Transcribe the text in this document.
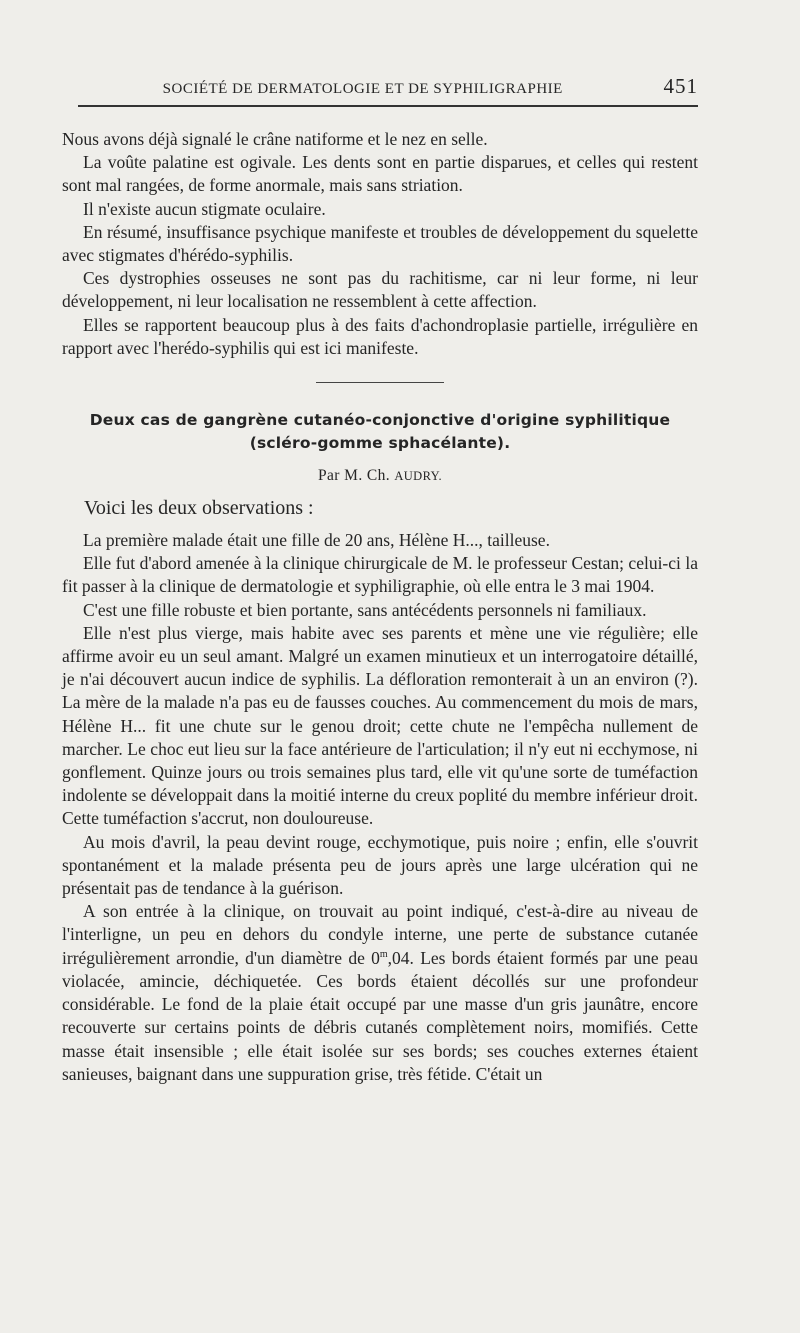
SOCIÉTÉ DE DERMATOLOGIE ET DE SYPHILIGRAPHIE	451

Nous avons déjà signalé le crâne natiforme et le nez en selle.

La voûte palatine est ogivale. Les dents sont en partie disparues, et celles qui restent sont mal rangées, de forme anormale, mais sans striation.

Il n'existe aucun stigmate oculaire.

En résumé, insuffisance psychique manifeste et troubles de développement du squelette avec stigmates d'hérédo-syphilis.

Ces dystrophies osseuses ne sont pas du rachitisme, car ni leur forme, ni leur développement, ni leur localisation ne ressemblent à cette affection.

Elles se rapportent beaucoup plus à des faits d'achondroplasie partielle, irrégulière en rapport avec l'herédo-syphilis qui est ici manifeste.

Deux cas de gangrène cutanéo-conjonctive d'origine syphilitique

(scléro-gomme sphacélante).

Par M. Ch. AUDRY.

Voici les deux observations :

La première malade était une fille de 20 ans, Hélène H..., tailleuse.

Elle fut d'abord amenée à la clinique chirurgicale de M. le professeur Cestan; celui-ci la fit passer à la clinique de dermatologie et syphiligraphie, où elle entra le 3 mai 1904.

C'est une fille robuste et bien portante, sans antécédents personnels ni familiaux.

Elle n'est plus vierge, mais habite avec ses parents et mène une vie régulière; elle affirme avoir eu un seul amant. Malgré un examen minutieux et un interrogatoire détaillé, je n'ai découvert aucun indice de syphilis. La défloration remonterait à un an environ (?). La mère de la malade n'a pas eu de fausses couches. Au commencement du mois de mars, Hélène H... fit une chute sur le genou droit; cette chute ne l'empêcha nullement de marcher. Le choc eut lieu sur la face antérieure de l'articulation; il n'y eut ni ecchymose, ni gonflement. Quinze jours ou trois semaines plus tard, elle vit qu'une sorte de tuméfaction indolente se développait dans la moitié interne du creux poplité du membre inférieur droit. Cette tuméfaction s'accrut, non douloureuse.

Au mois d'avril, la peau devint rouge, ecchymotique, puis noire ; enfin, elle s'ouvrit spontanément et la malade présenta peu de jours après une large ulcération qui ne présentait pas de tendance à la guérison.

A son entrée à la clinique, on trouvait au point indiqué, c'est-à-dire au niveau de l'interligne, un peu en dehors du condyle interne, une perte de substance cutanée irrégulièrement arrondie, d'un diamètre de 0$^m$,04. Les bords étaient formés par une peau violacée, amincie, déchiquetée. Ces bords étaient décollés sur une profondeur considérable. Le fond de la plaie était occupé par une masse d'un gris jaunâtre, encore recouverte sur certains points de débris cutanés complètement noirs, momifiés. Cette masse était insensible ; elle était isolée sur ses bords; ses couches externes étaient sanieuses, baignant dans une suppuration grise, très fétide. C'était un
